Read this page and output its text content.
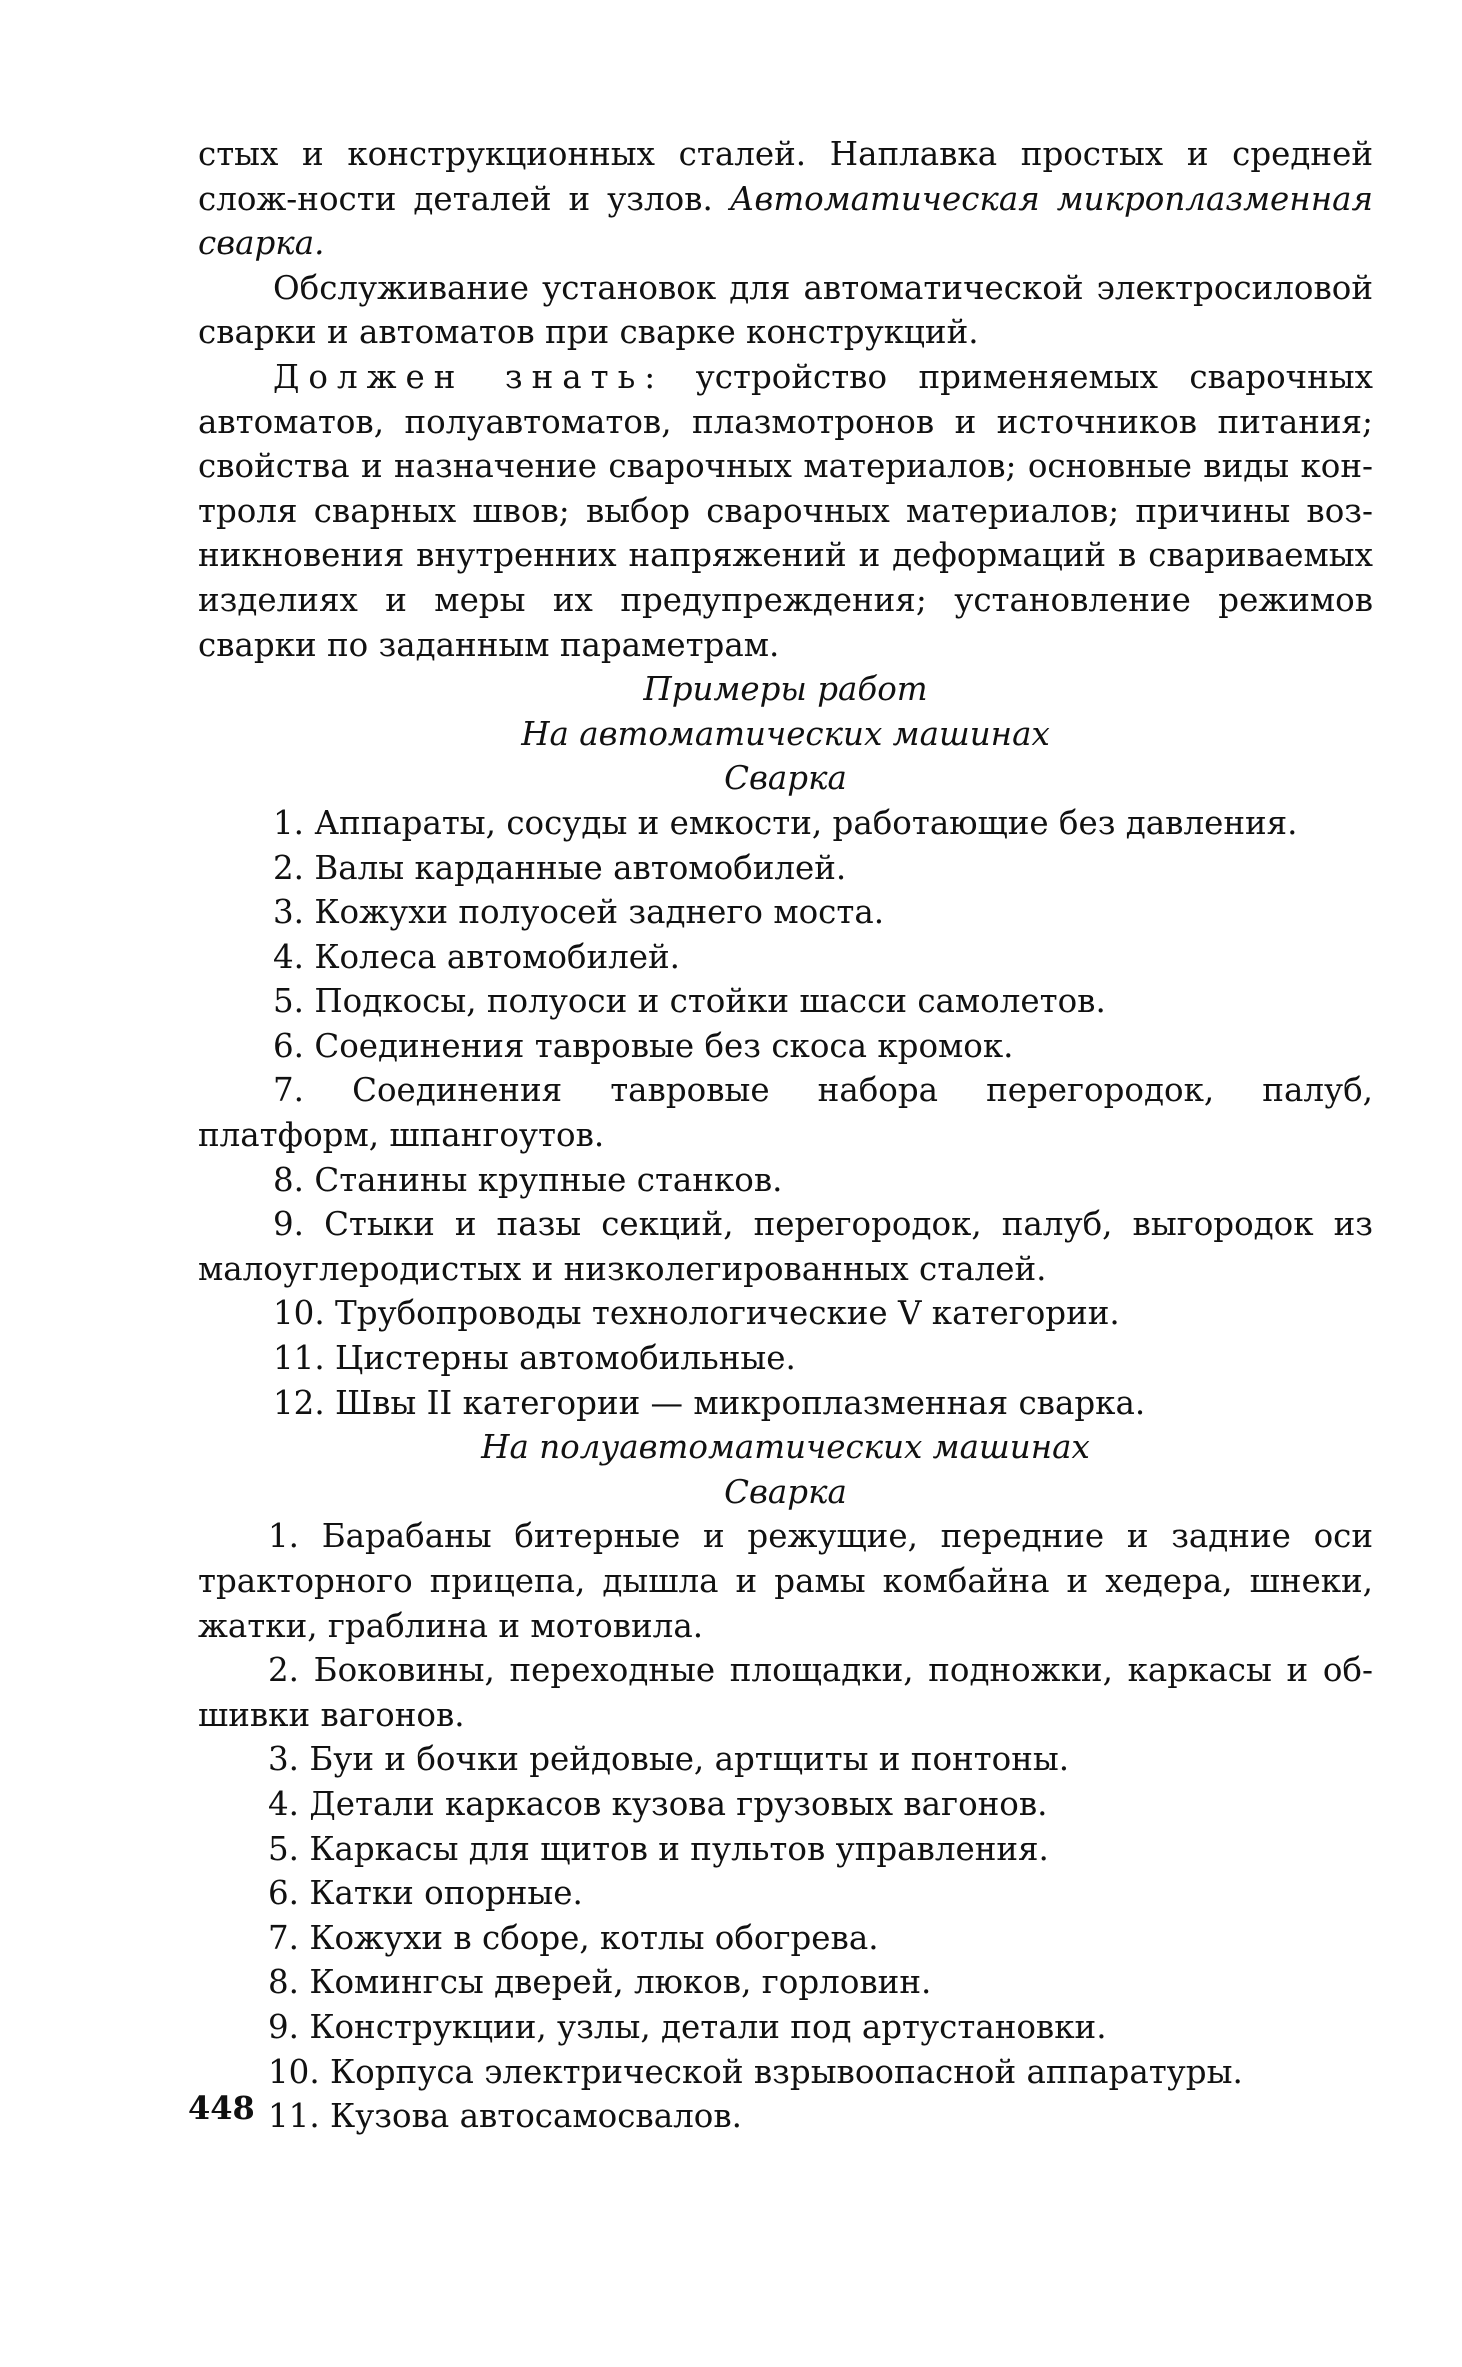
стых и конструкционных сталей. Наплавка простых и средней слож-ности деталей и узлов. Автоматическая микроплазменная сварка.

Обслуживание установок для автоматической электросиловой сварки и автоматов при сварке конструкций.

Должен знать: устройство применяемых сварочных автоматов, полуавтоматов, плазмотронов и источников питания; свойства и назначение сварочных материалов; основные виды кон-троля сварных швов; выбор сварочных материалов; причины воз-никновения внутренних напряжений и деформаций в свариваемых изделиях и меры их предупреждения; установление режимов сварки по заданным параметрам.

Примеры работ

На автоматических машинах

Сварка

1. Аппараты, сосуды и емкости, работающие без давления.

2. Валы карданные автомобилей.

3. Кожухи полуосей заднего моста.

4. Колеса автомобилей.

5. Подкосы, полуоси и стойки шасси самолетов.

6. Соединения тавровые без скоса кромок.

7. Соединения тавровые набора перегородок, палуб, платформ, шпангоутов.

8. Станины крупные станков.

9. Стыки и пазы секций, перегородок, палуб, выгородок из малоуглеродистых и низколегированных сталей.

10. Трубопроводы технологические V категории.

11. Цистерны автомобильные.

12. Швы II категории — микроплазменная сварка.

На полуавтоматических машинах

Сварка

1. Барабаны битерные и режущие, передние и задние оси тракторного прицепа, дышла и рамы комбайна и хедера, шнеки, жатки, граблина и мотовила.

2. Боковины, переходные площадки, подножки, каркасы и об-шивки вагонов.

3. Буи и бочки рейдовые, артщиты и понтоны.

4. Детали каркасов кузова грузовых вагонов.

5. Каркасы для щитов и пультов управления.

6. Катки опорные.

7. Кожухи в сборе, котлы обогрева.

8. Комингсы дверей, люков, горловин.

9. Конструкции, узлы, детали под артустановки.

10. Корпуса электрической взрывоопасной аппаратуры.

11. Кузова автосамосвалов.

448
